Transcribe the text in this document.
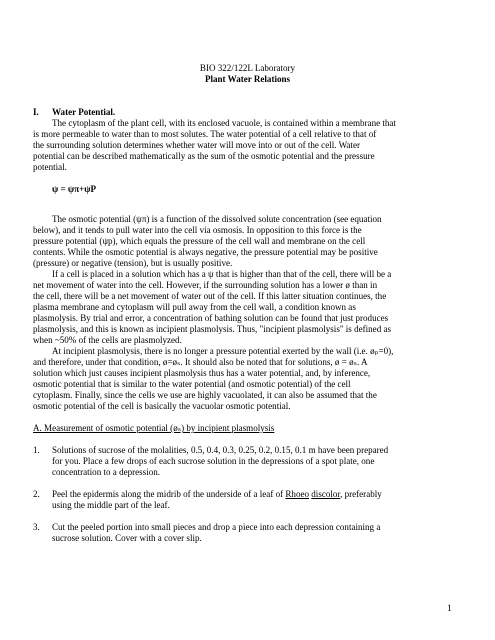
BIO 322/122L Laboratory
Plant Water Relations
I. Water Potential.
The cytoplasm of the plant cell, with its enclosed vacuole, is contained within a membrane that
is more permeable to water than to most solutes. The water potential of a cell relative to that of
the surrounding solution determines whether water will move into or out of the cell. Water
potential can be described mathematically as the sum of the osmotic potential and the pressure
potential.
ψ = ψπ+ψP
The osmotic potential (ψπ) is a function of the dissolved solute concentration (see equation
below), and it tends to pull water into the cell via osmosis. In opposition to this force is the
pressure potential (ψp), which equals the pressure of the cell wall and membrane on the cell
contents. While the osmotic potential is always negative, the pressure potential may be positive
(pressure) or negative (tension), but is usually positive.
If a cell is placed in a solution which has a ψ that is higher than that of the cell, there will be a
net movement of water into the cell. However, if the surrounding solution has a lower ø than in
the cell, there will be a net movement of water out of the cell. If this latter situation continues, the
plasma membrane and cytoplasm will pull away from the cell wall, a condition known as
plasmolysis. By trial and error, a concentration of bathing solution can be found that just produces
plasmolysis, and this is known as incipient plasmolysis. Thus, "incipient plasmolysis" is defined as
when ~50% of the cells are plasmolyzed.
At incipient plasmolysis, there is no longer a pressure potential exerted by the wall (i.e. øₚ=0),
and therefore, under that condition, ø=øₛ. It should also be noted that for solutions, ø = øₛ. A
solution which just causes incipient plasmolysis thus has a water potential, and, by inference,
osmotic potential that is similar to the water potential (and osmotic potential) of the cell
cytoplasm. Finally, since the cells we use are highly vacuolated, it can also be assumed that the
osmotic potential of the cell is basically the vacuolar osmotic potential.
A. Measurement of osmotic potential (øₛ) by incipient plasmolysis
1. Solutions of sucrose of the molalities, 0.5, 0.4, 0.3, 0.25, 0.2, 0.15, 0.1 m have been prepared
for you. Place a few drops of each sucrose solution in the depressions of a spot plate, one
concentration to a depression.
2. Peel the epidermis along the midrib of the underside of a leaf of Rhoeo discolor, preferably
using the middle part of the leaf.
3. Cut the peeled portion into small pieces and drop a piece into each depression containing a
sucrose solution. Cover with a cover slip.
1
